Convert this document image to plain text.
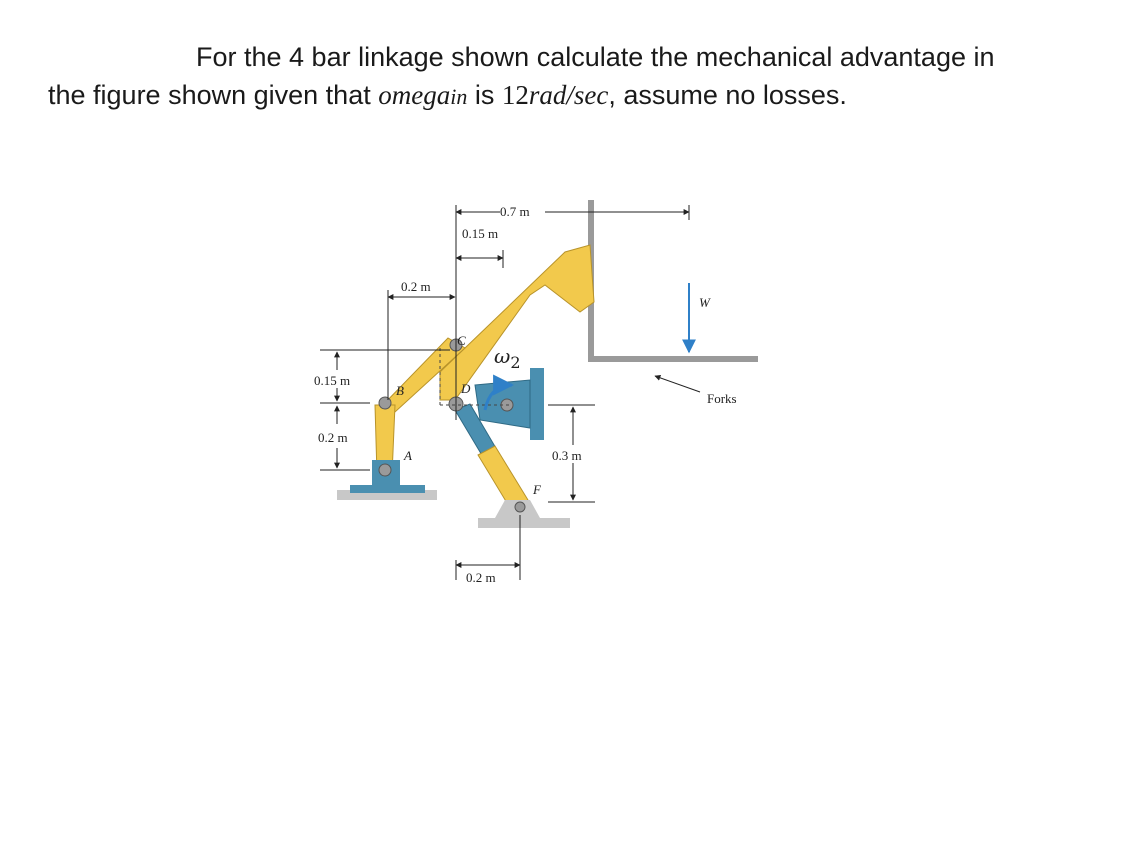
For the 4 bar linkage shown calculate the mechanical advantage in
the figure shown given that omegain is 12rad/sec, assume no losses.
0.7 m
0.15 m
0.2 m
0.15 m
0.2 m
0.3 m
0.2 m
A
B
C
D
F
$\omega_2$
W
Forks
